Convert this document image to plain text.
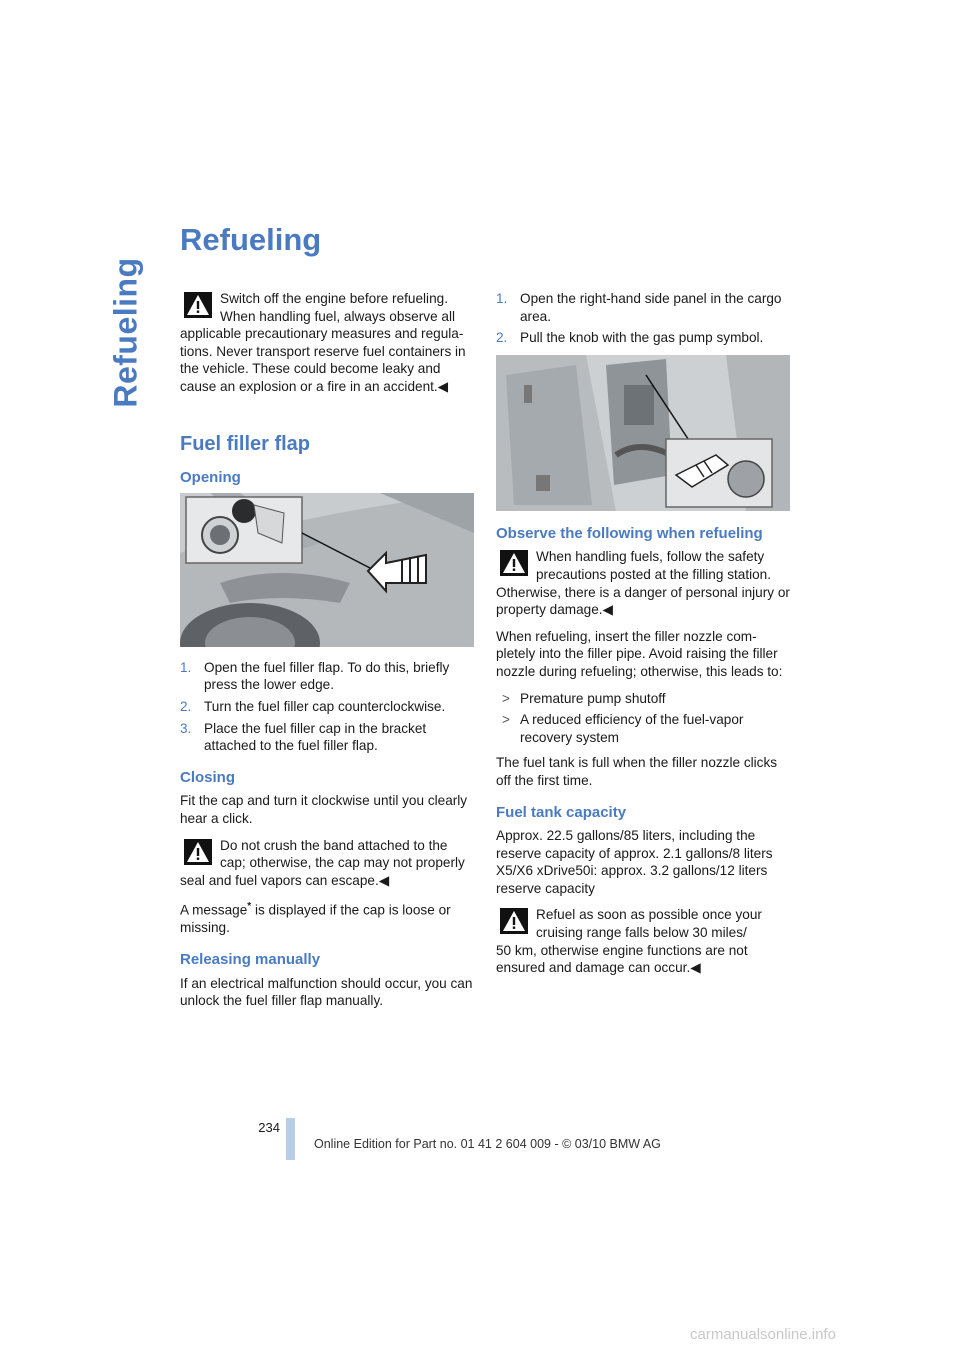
Refueling
Refueling
Switch off the engine before refueling. When handling fuel, always observe all

applicable precautionary measures and regula-tions. Never transport reserve fuel containers in the vehicle. These could become leaky and cause an explosion or a fire in an accident.◀

Fuel filler flap
Opening
1. Open the fuel filler flap. To do this, briefly press the lower edge.
2. Turn the fuel filler cap counterclockwise.
3. Place the fuel filler cap in the bracket attached to the fuel filler flap.
Closing

Fit the cap and turn it clockwise until you clearly hear a click.

Do not crush the band attached to the cap; otherwise, the cap may not properly

seal and fuel vapors can escape.◀

A message* is displayed if the cap is loose or missing.

Releasing manually

If an electrical malfunction should occur, you can unlock the fuel filler flap manually.

1. Open the right-hand side panel in the cargo area.
2. Pull the knob with the gas pump symbol.
Observe the following when refueling
When handling fuels, follow the safety precautions posted at the filling station.

Otherwise, there is a danger of personal injury or property damage.◀

When refueling, insert the filler nozzle com-pletely into the filler pipe. Avoid raising the filler nozzle during refueling; otherwise, this leads to:

> Premature pump shutoff
> A reduced efficiency of the fuel-vapor recovery system

The fuel tank is full when the filler nozzle clicks off the first time.

Fuel tank capacity

Approx. 22.5 gallons/85 liters, including the reserve capacity of approx. 2.1 gallons/8 liters X5/X6 xDrive50i: approx. 3.2 gallons/12 liters reserve capacity

Refuel as soon as possible once your cruising range falls below 30 miles/

50 km, otherwise engine functions are not ensured and damage can occur.◀

234
Online Edition for Part no. 01 41 2 604 009 - © 03/10 BMW AG
carmanualsonline.info
